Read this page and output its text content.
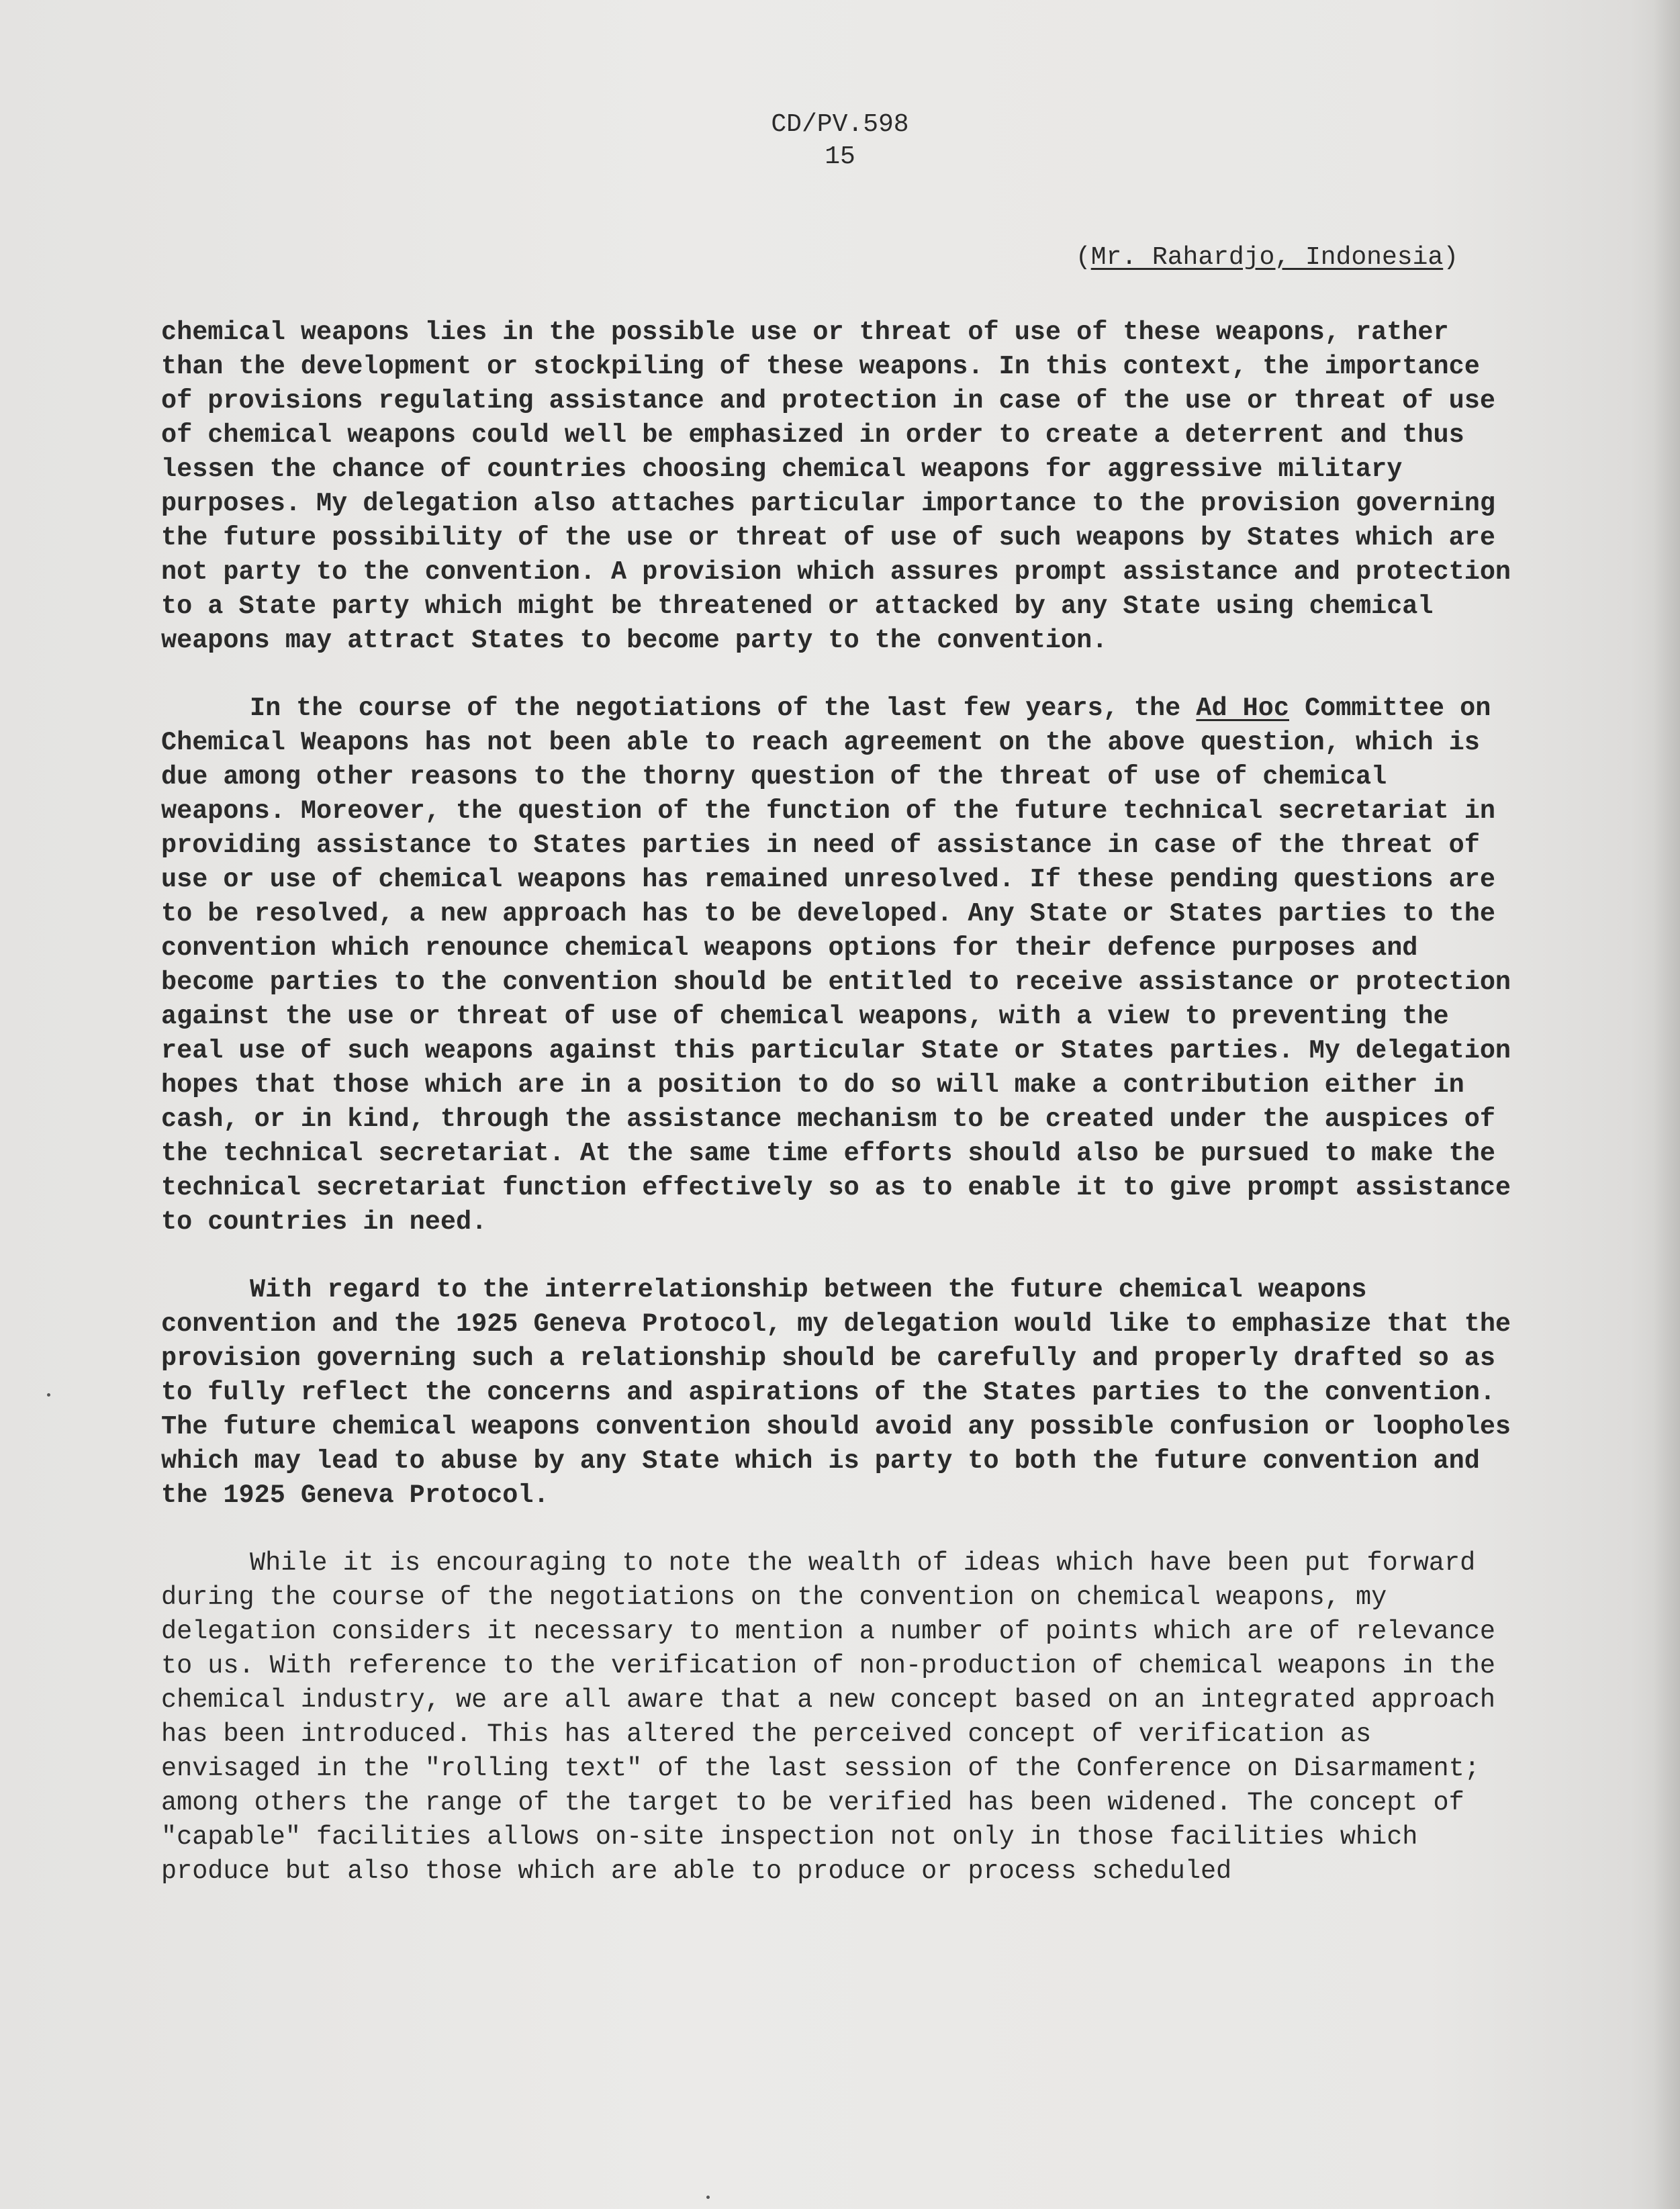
CD/PV.598
15
(Mr. Rahardjo, Indonesia)

chemical weapons lies in the possible use or threat of use of these weapons, rather than the development or stockpiling of these weapons. In this context, the importance of provisions regulating assistance and protection in case of the use or threat of use of chemical weapons could well be emphasized in order to create a deterrent and thus lessen the chance of countries choosing chemical weapons for aggressive military purposes. My delegation also attaches particular importance to the provision governing the future possibility of the use or threat of use of such weapons by States which are not party to the convention. A provision which assures prompt assistance and protection to a State party which might be threatened or attacked by any State using chemical weapons may attract States to become party to the convention.

In the course of the negotiations of the last few years, the Ad Hoc Committee on Chemical Weapons has not been able to reach agreement on the above question, which is due among other reasons to the thorny question of the threat of use of chemical weapons. Moreover, the question of the function of the future technical secretariat in providing assistance to States parties in need of assistance in case of the threat of use or use of chemical weapons has remained unresolved. If these pending questions are to be resolved, a new approach has to be developed. Any State or States parties to the convention which renounce chemical weapons options for their defence purposes and become parties to the convention should be entitled to receive assistance or protection against the use or threat of use of chemical weapons, with a view to preventing the real use of such weapons against this particular State or States parties. My delegation hopes that those which are in a position to do so will make a contribution either in cash, or in kind, through the assistance mechanism to be created under the auspices of the technical secretariat. At the same time efforts should also be pursued to make the technical secretariat function effectively so as to enable it to give prompt assistance to countries in need.

With regard to the interrelationship between the future chemical weapons convention and the 1925 Geneva Protocol, my delegation would like to emphasize that the provision governing such a relationship should be carefully and properly drafted so as to fully reflect the concerns and aspirations of the States parties to the convention. The future chemical weapons convention should avoid any possible confusion or loopholes which may lead to abuse by any State which is party to both the future convention and the 1925 Geneva Protocol.

While it is encouraging to note the wealth of ideas which have been put forward during the course of the negotiations on the convention on chemical weapons, my delegation considers it necessary to mention a number of points which are of relevance to us. With reference to the verification of non-production of chemical weapons in the chemical industry, we are all aware that a new concept based on an integrated approach has been introduced. This has altered the perceived concept of verification as envisaged in the "rolling text" of the last session of the Conference on Disarmament; among others the range of the target to be verified has been widened. The concept of "capable" facilities allows on-site inspection not only in those facilities which produce but also those which are able to produce or process scheduled
